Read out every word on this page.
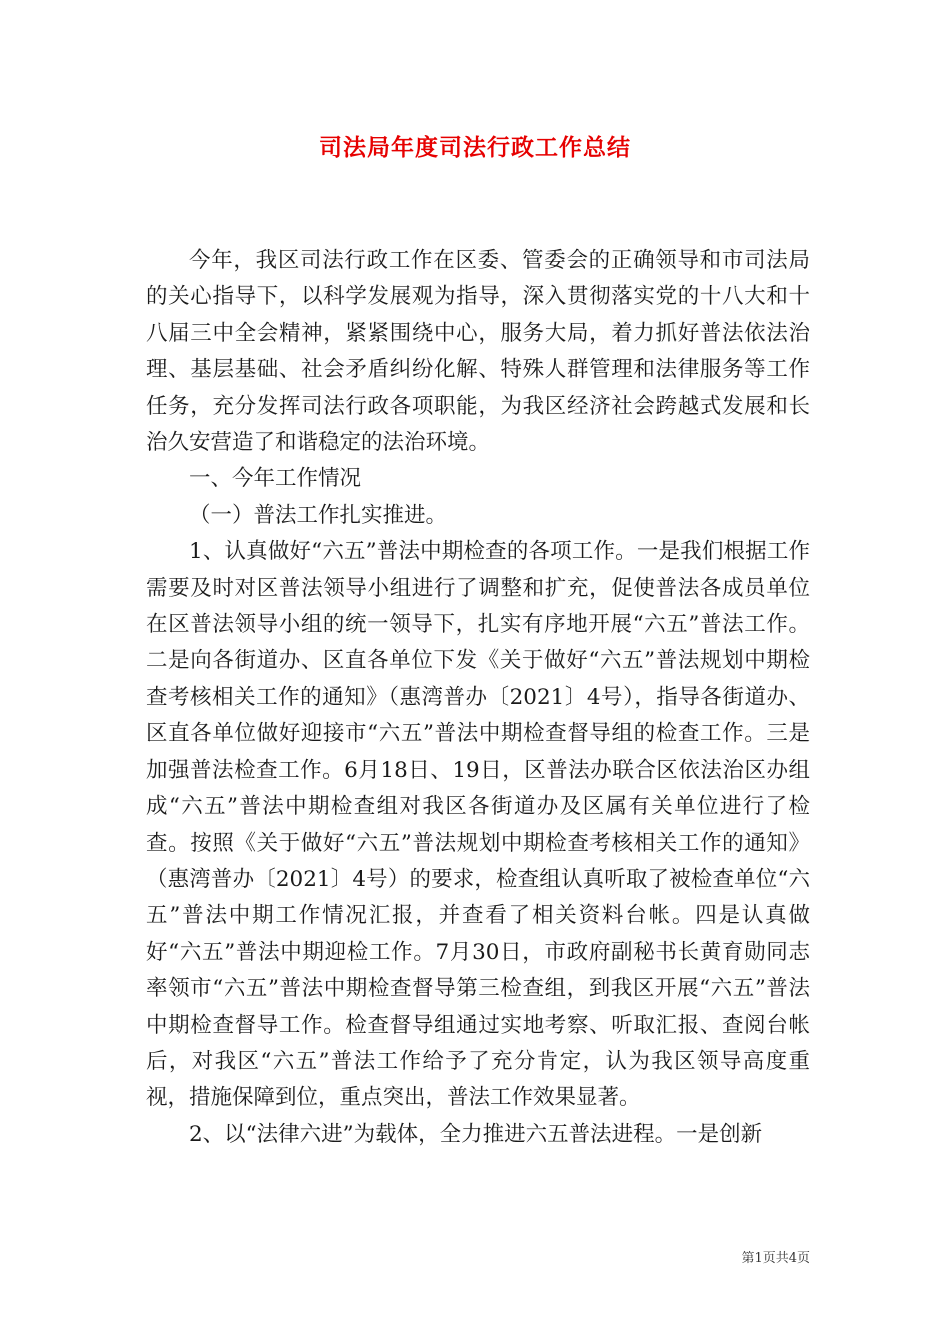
司法局年度司法行政工作总结

今年，我区司法行政工作在区委、管委会的正确领导和市司法局的关心指导下，以科学发展观为指导，深入贯彻落实党的十八大和十八届三中全会精神，紧紧围绕中心，服务大局，着力抓好普法依法治理、基层基础、社会矛盾纠纷化解、特殊人群管理和法律服务等工作任务，充分发挥司法行政各项职能，为我区经济社会跨越式发展和长治久安营造了和谐稳定的法治环境。

一、今年工作情况

（一）普法工作扎实推进。

1、认真做好“六五”普法中期检查的各项工作。一是我们根据工作需要及时对区普法领导小组进行了调整和扩充，促使普法各成员单位在区普法领导小组的统一领导下，扎实有序地开展“六五”普法工作。二是向各街道办、区直各单位下发《关于做好“六五”普法规划中期检查考核相关工作的通知》（惠湾普办〔2021〕4号），指导各街道办、区直各单位做好迎接市“六五”普法中期检查督导组的检查工作。三是加强普法检查工作。6月18日、19日，区普法办联合区依法治区办组成“六五”普法中期检查组对我区各街道办及区属有关单位进行了检查。按照《关于做好“六五”普法规划中期检查考核相关工作的通知》（惠湾普办〔2021〕4号）的要求，检查组认真听取了被检查单位“六五”普法中期工作情况汇报，并查看了相关资料台帐。四是认真做好“六五”普法中期迎检工作。7月30日，市政府副秘书长黄育勋同志率领市“六五”普法中期检查督导第三检查组，到我区开展“六五”普法中期检查督导工作。检查督导组通过实地考察、听取汇报、查阅台帐后，对我区“六五”普法工作给予了充分肯定，认为我区领导高度重视，措施保障到位，重点突出，普法工作效果显著。

2、以“法律六进”为载体，全力推进六五普法进程。一是创新

第1页共4页
